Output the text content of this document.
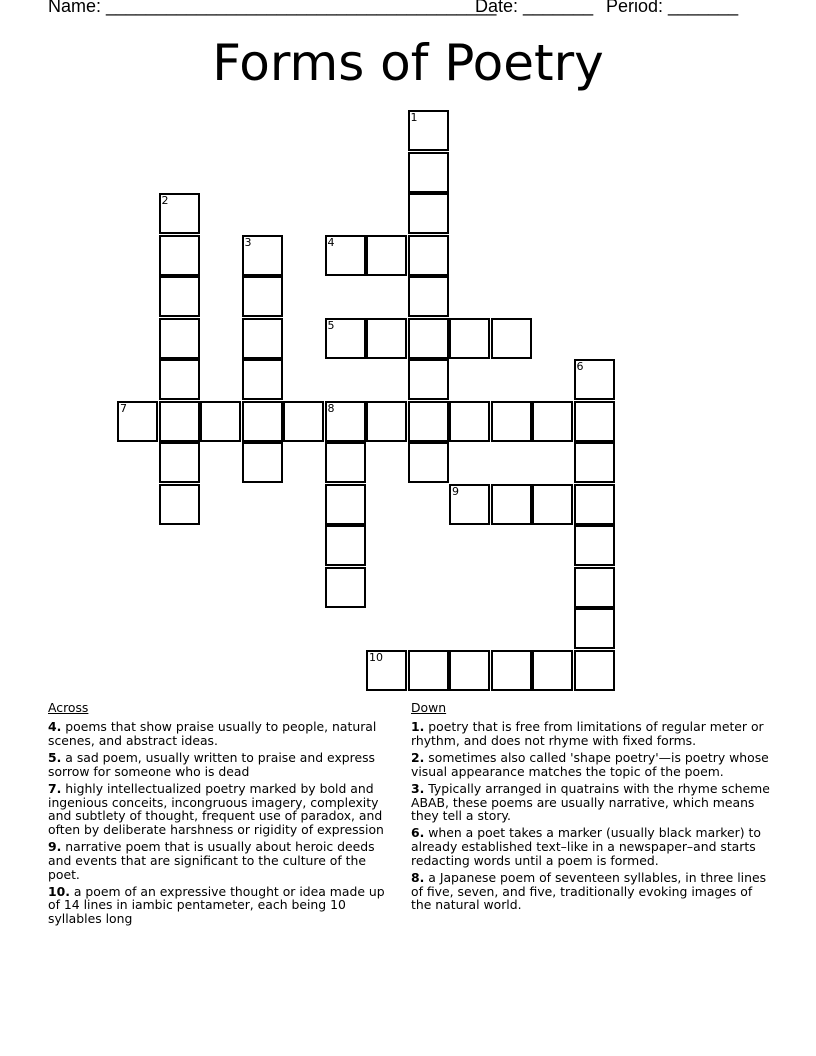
Name: _______________________________________
Date: _______ Period: _______
Forms of Poetry
1
2
3	4
5
6
7	8
9
10
Across
4. poems that show praise usually to people, natural scenes, and abstract ideas.
5. a sad poem, usually written to praise and express sorrow for someone who is dead
7. highly intellectualized poetry marked by bold and ingenious conceits, incongruous imagery, complexity and subtlety of thought, frequent use of paradox, and often by deliberate harshness or rigidity of expression
9. narrative poem that is usually about heroic deeds and events that are significant to the culture of the poet.
10. a poem of an expressive thought or idea made up of 14 lines in iambic pentameter, each being 10 syllables long
Down
1. poetry that is free from limitations of regular meter or rhythm, and does not rhyme with fixed forms.
2. sometimes also called 'shape poetry'—is poetry whose visual appearance matches the topic of the poem.
3. Typically arranged in quatrains with the rhyme scheme ABAB, these poems are usually narrative, which means they tell a story.
6. when a poet takes a marker (usually black marker) to already established text–like in a newspaper–and starts redacting words until a poem is formed.
8. a Japanese poem of seventeen syllables, in three lines of five, seven, and five, traditionally evoking images of the natural world.
